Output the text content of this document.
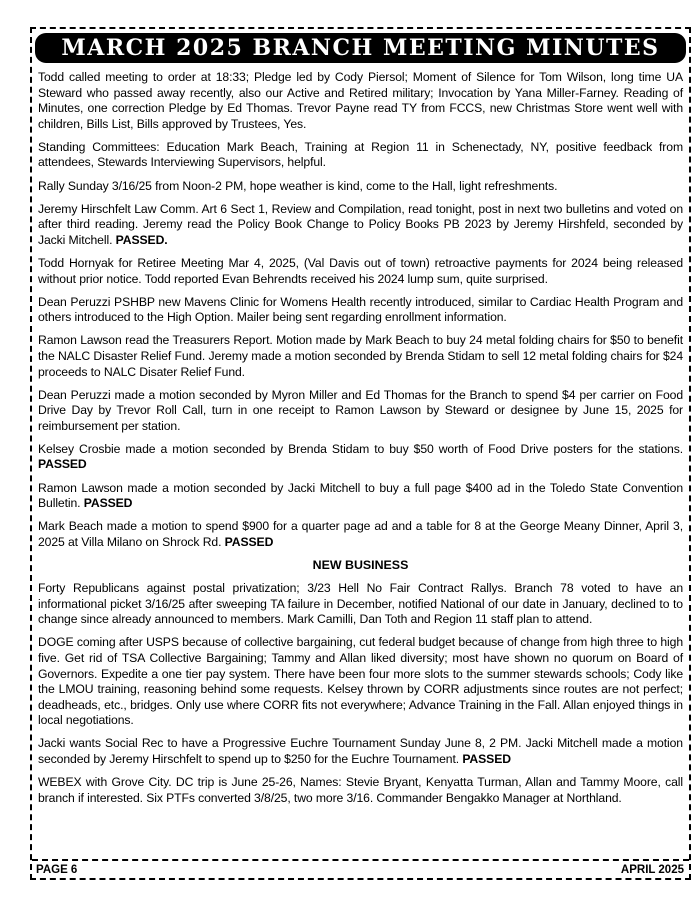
MARCH 2025 BRANCH MEETING MINUTES

Todd called meeting to order at 18:33; Pledge led by Cody Piersol; Moment of Silence for Tom Wilson, long time UA Steward who passed away recently, also our Active and Retired military; Invocation by Yana Miller-Farney. Reading of Minutes, one correction Pledge by Ed Thomas. Trevor Payne read TY from FCCS, new Christmas Store went well with children, Bills List, Bills approved by Trustees, Yes.

Standing Committees: Education Mark Beach, Training at Region 11 in Schenectady, NY, positive feedback from attendees, Stewards Interviewing Supervisors, helpful.

Rally Sunday 3/16/25 from Noon-2 PM, hope weather is kind, come to the Hall, light refreshments.

Jeremy Hirschfelt Law Comm. Art 6 Sect 1, Review and Compilation, read tonight, post in next two bulletins and voted on after third reading. Jeremy read the Policy Book Change to Policy Books PB 2023 by Jeremy Hirshfeld, seconded by Jacki Mitchell. PASSED.

Todd Hornyak for Retiree Meeting Mar 4, 2025, (Val Davis out of town) retroactive payments for 2024 being released without prior notice. Todd reported Evan Behrendts received his 2024 lump sum, quite surprised.

Dean Peruzzi PSHBP new Mavens Clinic for Womens Health recently introduced, similar to Cardiac Health Program and others introduced to the High Option. Mailer being sent regarding enrollment information.

Ramon Lawson read the Treasurers Report. Motion made by Mark Beach to buy 24 metal folding chairs for $50 to benefit the NALC Disaster Relief Fund. Jeremy made a motion seconded by Brenda Stidam to sell 12 metal folding chairs for $24 proceeds to NALC Disater Relief Fund.

Dean Peruzzi made a motion seconded by Myron Miller and Ed Thomas for the Branch to spend $4 per carrier on Food Drive Day by Trevor Roll Call, turn in one receipt to Ramon Lawson by Steward or designee by June 15, 2025 for reimbursement per station.

Kelsey Crosbie made a motion seconded by Brenda Stidam to buy $50 worth of Food Drive posters for the stations. PASSED

Ramon Lawson made a motion seconded by Jacki Mitchell to buy a full page $400 ad in the Toledo State Convention Bulletin. PASSED

Mark Beach made a motion to spend $900 for a quarter page ad and a table for 8 at the George Meany Dinner, April 3, 2025 at Villa Milano on Shrock Rd. PASSED

NEW BUSINESS

Forty Republicans against postal privatization; 3/23 Hell No Fair Contract Rallys. Branch 78 voted to have an informational picket 3/16/25 after sweeping TA failure in December, notified National of our date in January, declined to to change since already announced to members. Mark Camilli, Dan Toth and Region 11 staff plan to attend.

DOGE coming after USPS because of collective bargaining, cut federal budget because of change from high three to high five. Get rid of TSA Collective Bargaining; Tammy and Allan liked diversity; most have shown no quorum on Board of Governors. Expedite a one tier pay system. There have been four more slots to the summer stewards schools; Cody like the LMOU training, reasoning behind some requests. Kelsey thrown by CORR adjustments since routes are not perfect; deadheads, etc., bridges. Only use where CORR fits not everywhere; Advance Training in the Fall. Allan enjoyed things in local negotiations.

Jacki wants Social Rec to have a Progressive Euchre Tournament Sunday June 8, 2 PM. Jacki Mitchell made a motion seconded by Jeremy Hirschfelt to spend up to $250 for the Euchre Tournament. PASSED

WEBEX with Grove City. DC trip is June 25-26, Names: Stevie Bryant, Kenyatta Turman, Allan and Tammy Moore, call branch if interested. Six PTFs converted 3/8/25, two more 3/16. Commander Bengakko Manager at Northland.

PAGE 6	APRIL 2025
